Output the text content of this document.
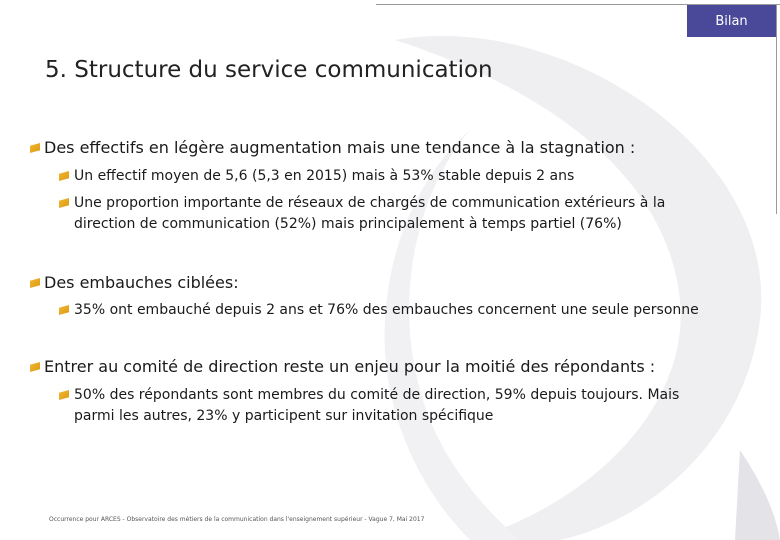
Bilan
5. Structure du service communication
Des effectifs en légère augmentation mais une tendance à la stagnation :
Un effectif moyen de 5,6 (5,3 en 2015) mais à 53% stable depuis 2 ans
Une proportion importante de réseaux de chargés de communication extérieurs à la direction de communication (52%) mais principalement à temps partiel (76%)
Des embauches ciblées:
35% ont embauché depuis 2 ans et 76% des embauches concernent une seule personne
Entrer au comité de direction reste un enjeu pour la moitié des répondants :
50% des répondants sont membres du comité de direction, 59% depuis toujours. Mais parmi les autres, 23% y participent sur invitation spécifique
Occurrence pour ARCES - Observatoire des métiers de la communication dans l'enseignement supérieur - Vague 7, Mai 2017
